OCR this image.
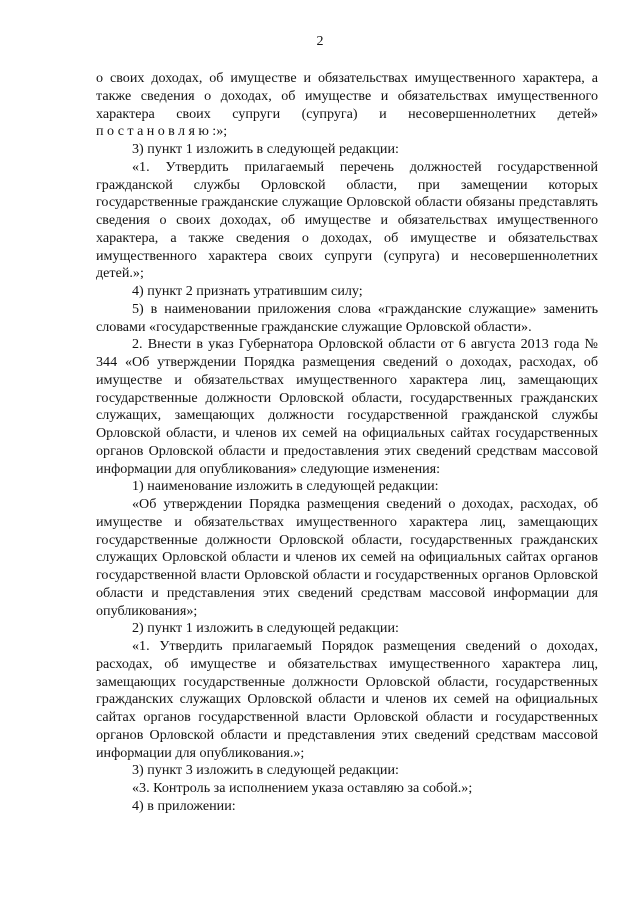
2

о своих доходах, об имуществе и обязательствах имущественного характера, а также сведения о доходах, об имуществе и обязательствах имущественного характера своих супруги (супруга) и несовершеннолетних детей» постановляю:»;

3) пункт 1 изложить в следующей редакции:

«1. Утвердить прилагаемый перечень должностей государственной гражданской службы Орловской области, при замещении которых государственные гражданские служащие Орловской области обязаны представлять сведения о своих доходах, об имуществе и обязательствах имущественного характера, а также сведения о доходах, об имуществе и обязательствах имущественного характера своих супруги (супруга) и несовершеннолетних детей.»;

4) пункт 2 признать утратившим силу;

5) в наименовании приложения слова «гражданские служащие» заменить словами «государственные гражданские служащие Орловской области».

2. Внести в указ Губернатора Орловской области от 6 августа 2013 года № 344 «Об утверждении Порядка размещения сведений о доходах, расходах, об имуществе и обязательствах имущественного характера лиц, замещающих государственные должности Орловской области, государственных гражданских служащих, замещающих должности государственной гражданской службы Орловской области, и членов их семей на официальных сайтах государственных органов Орловской области и предоставления этих сведений средствам массовой информации для опубликования» следующие изменения:

1) наименование изложить в следующей редакции:

«Об утверждении Порядка размещения сведений о доходах, расходах, об имуществе и обязательствах имущественного характера лиц, замещающих государственные должности Орловской области, государственных гражданских служащих Орловской области и членов их семей на официальных сайтах органов государственной власти Орловской области и государственных органов Орловской области и представления этих сведений средствам массовой информации для опубликования»;

2) пункт 1 изложить в следующей редакции:

«1. Утвердить прилагаемый Порядок размещения сведений о доходах, расходах, об имуществе и обязательствах имущественного характера лиц, замещающих государственные должности Орловской области, государственных гражданских служащих Орловской области и членов их семей на официальных сайтах органов государственной власти Орловской области и государственных органов Орловской области и представления этих сведений средствам массовой информации для опубликования.»;

3) пункт 3 изложить в следующей редакции:

«3. Контроль за исполнением указа оставляю за собой.»;

4) в приложении:
